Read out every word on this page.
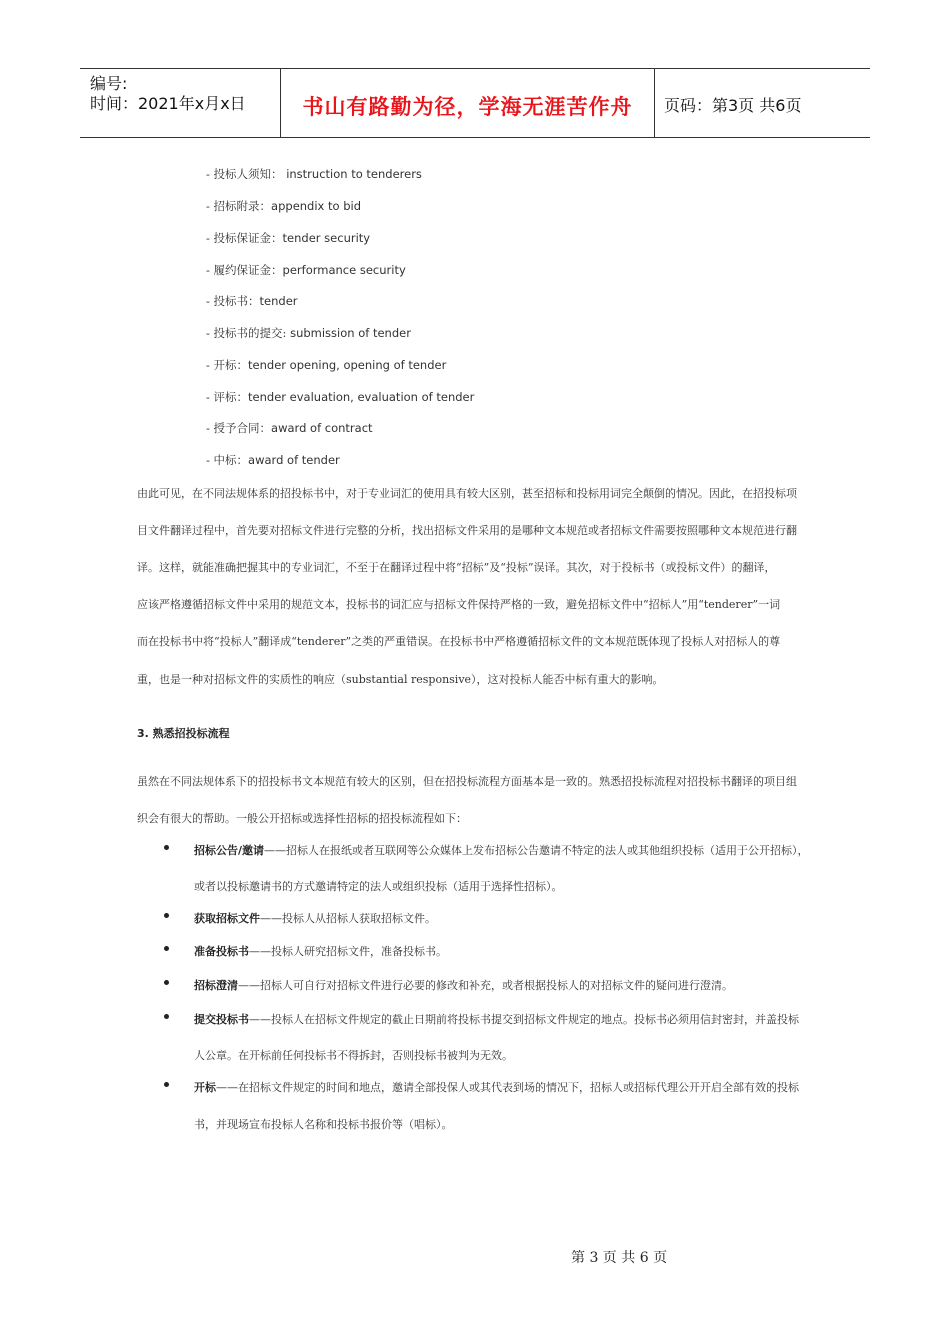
编号:
时间：2021年x月x日	书山有路勤为径，学海无涯苦作舟	页码：第3页 共6页
- 投标人须知： instruction to tenderers
- 招标附录：appendix to bid
- 投标保证金：tender security
- 履约保证金：performance security
- 投标书：tender
- 投标书的提交: submission of tender
- 开标：tender opening, opening of tender
- 评标：tender evaluation, evaluation of tender
- 授予合同：award of contract
- 中标：award of tender
由此可见，在不同法规体系的招投标书中，对于专业词汇的使用具有较大区别，甚至招标和投标用词完全颠倒的情况。因此，在招投标项
目文件翻译过程中，首先要对招标文件进行完整的分析，找出招标文件采用的是哪种文本规范或者招标文件需要按照哪种文本规范进行翻
译。这样，就能准确把握其中的专业词汇，不至于在翻译过程中将“招标”及“投标”误译。其次，对于投标书（或投标文件）的翻译，
应该严格遵循招标文件中采用的规范文本，投标书的词汇应与招标文件保持严格的一致，避免招标文件中“招标人”用“tenderer”一词
而在投标书中将“投标人”翻译成“tenderer”之类的严重错误。在投标书中严格遵循招标文件的文本规范既体现了投标人对招标人的尊
重，也是一种对招标文件的实质性的响应（substantial responsive），这对投标人能否中标有重大的影响。
3. 熟悉招投标流程
虽然在不同法规体系下的招投标书文本规范有较大的区别，但在招投标流程方面基本是一致的。熟悉招投标流程对招投标书翻译的项目组
织会有很大的帮助。一般公开招标或选择性招标的招投标流程如下：
招标公告/邀请——招标人在报纸或者互联网等公众媒体上发布招标公告邀请不特定的法人或其他组织投标（适用于公开招标），
或者以投标邀请书的方式邀请特定的法人或组织投标（适用于选择性招标）。
获取招标文件——投标人从招标人获取招标文件。
准备投标书——投标人研究招标文件，准备投标书。
招标澄清——招标人可自行对招标文件进行必要的修改和补充，或者根据投标人的对招标文件的疑问进行澄清。
提交投标书——投标人在招标文件规定的截止日期前将投标书提交到招标文件规定的地点。投标书必须用信封密封，并盖投标
人公章。在开标前任何投标书不得拆封，否则投标书被判为无效。
开标——在招标文件规定的时间和地点，邀请全部投保人或其代表到场的情况下，招标人或招标代理公开开启全部有效的投标
书，并现场宣布投标人名称和投标书报价等（唱标）。
第 3 页 共 6 页
